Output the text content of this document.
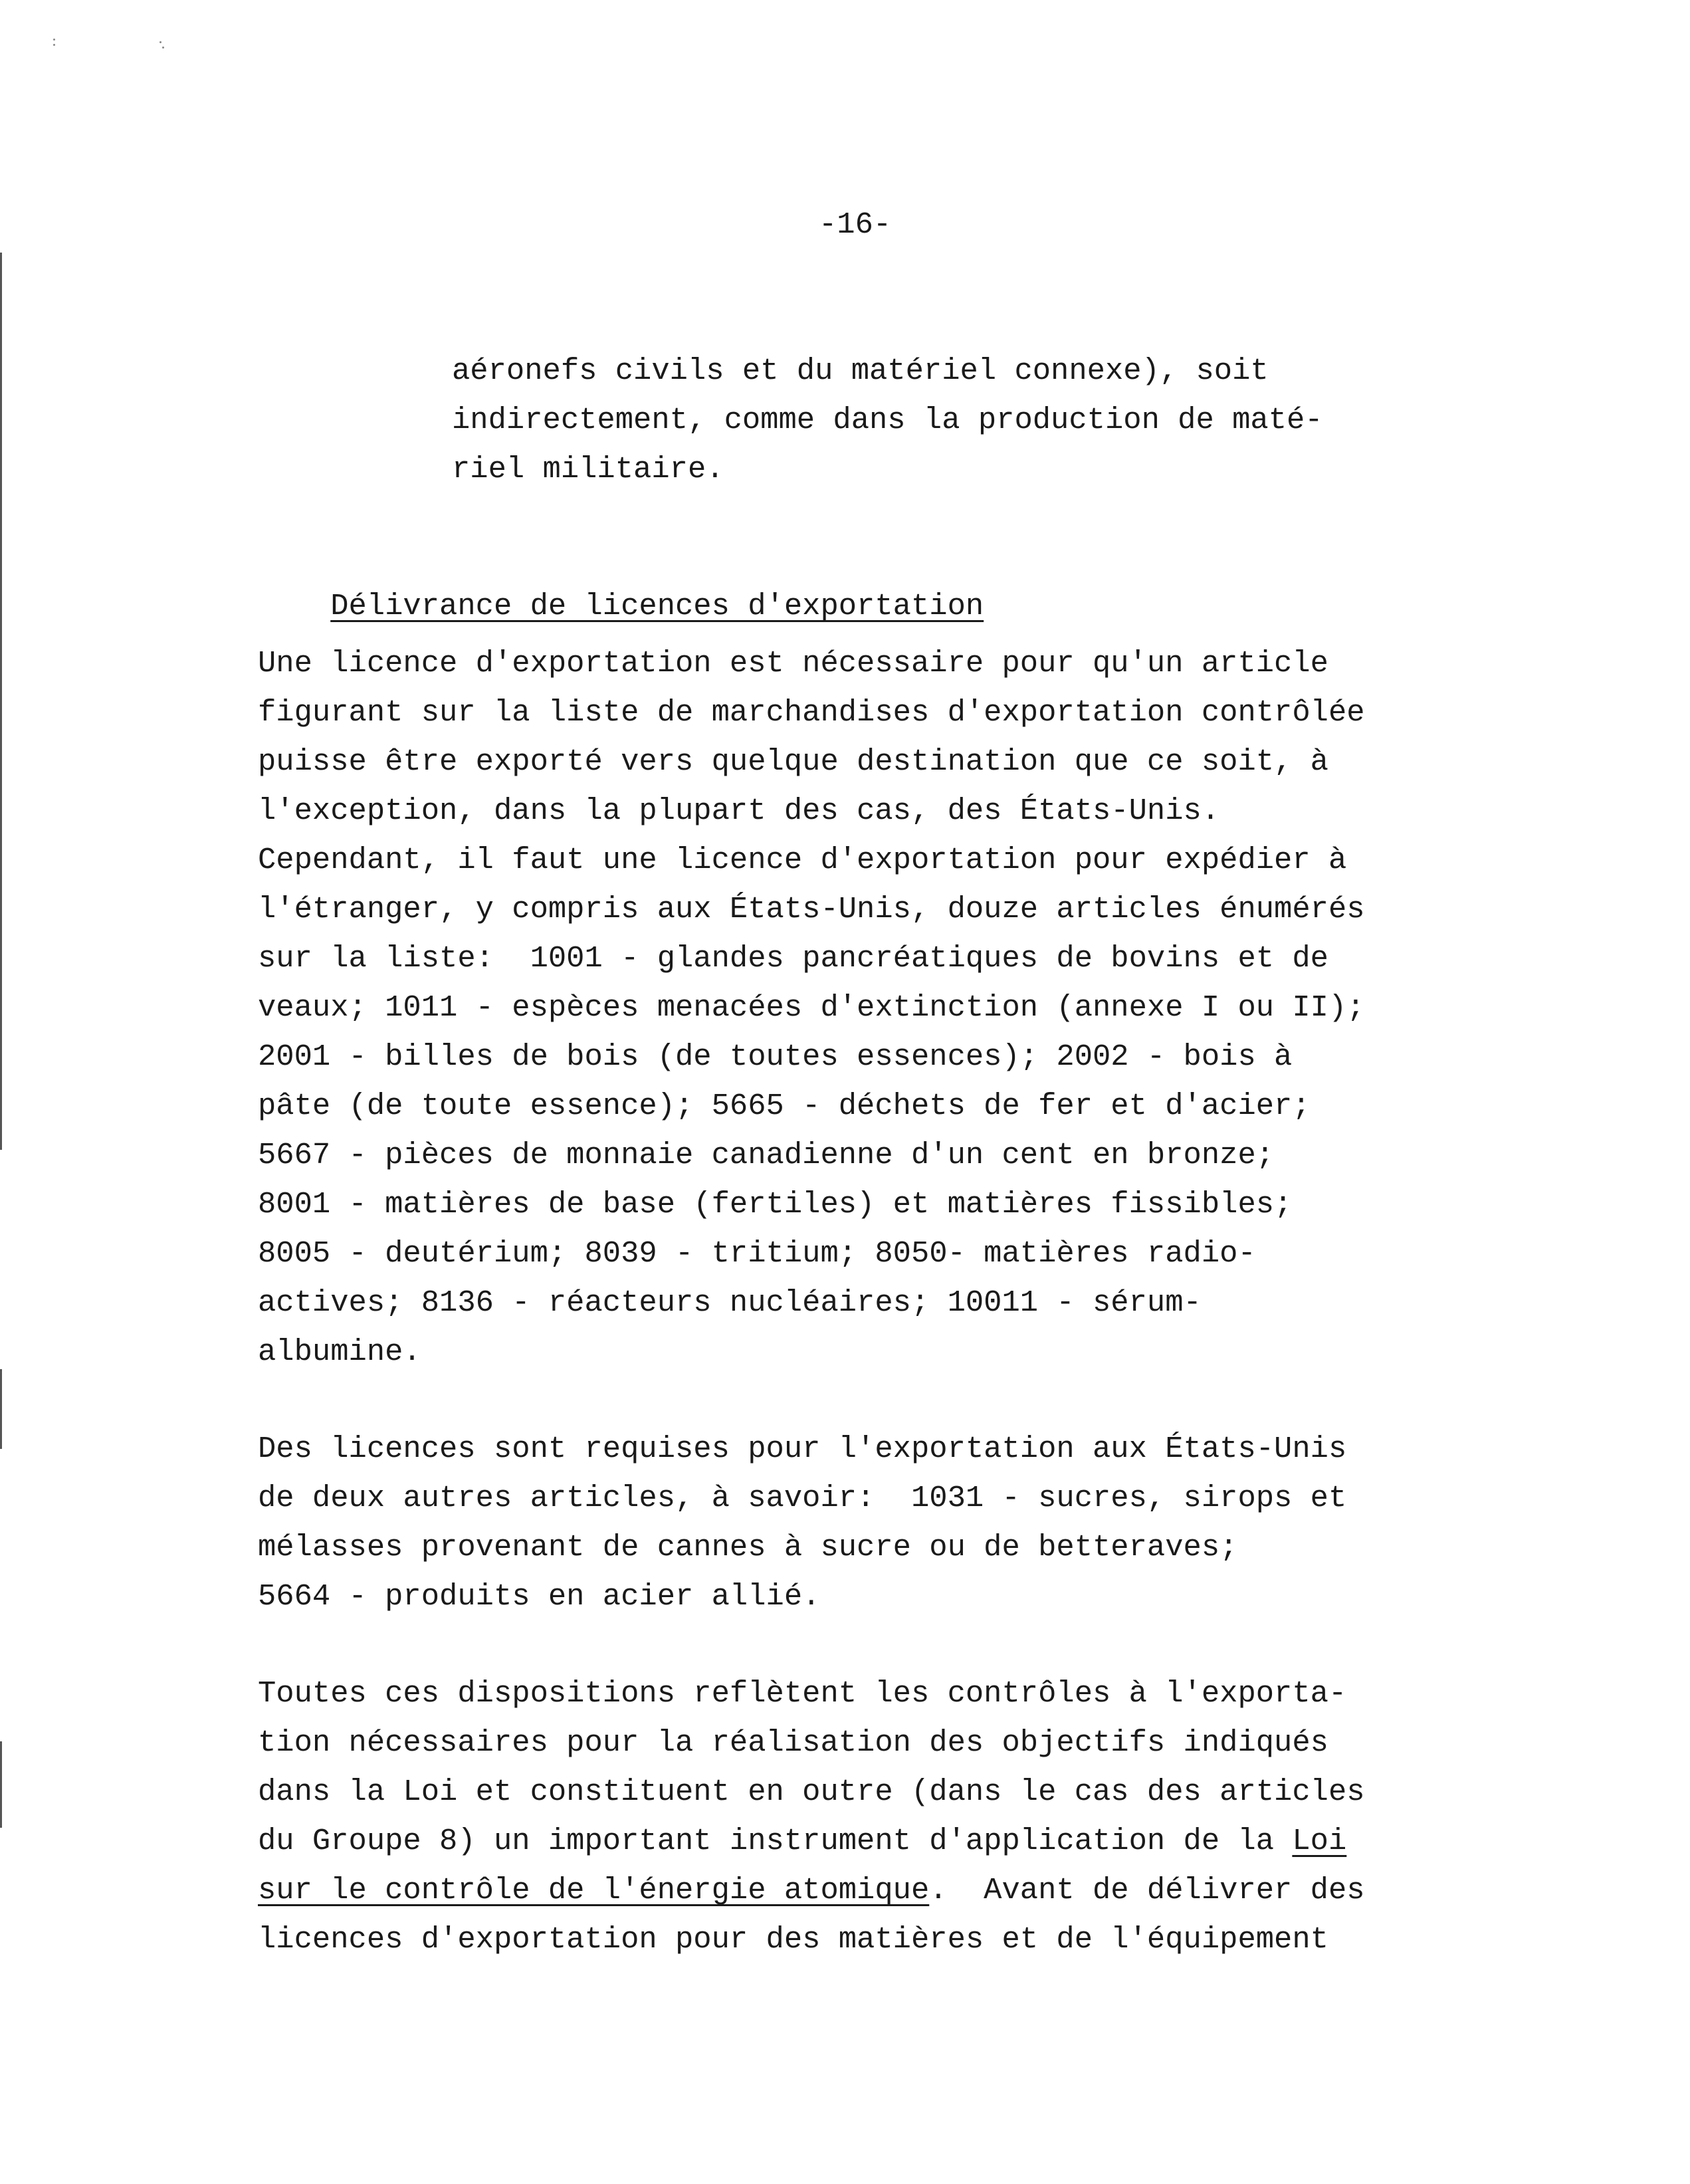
-16-
aéronefs civils et du matériel connexe), soit
indirectement, comme dans la production de maté-
riel militaire.

Délivrance de licences d'exportation

Une licence d'exportation est nécessaire pour qu'un article
figurant sur la liste de marchandises d'exportation contrôlée
puisse être exporté vers quelque destination que ce soit, à
l'exception, dans la plupart des cas, des États-Unis.
Cependant, il faut une licence d'exportation pour expédier à
l'étranger, y compris aux États-Unis, douze articles énumérés
sur la liste:  1001 - glandes pancréatiques de bovins et de
veaux; 1011 - espèces menacées d'extinction (annexe I ou II);
2001 - billes de bois (de toutes essences); 2002 - bois à
pâte (de toute essence); 5665 - déchets de fer et d'acier;
5667 - pièces de monnaie canadienne d'un cent en bronze;
8001 - matières de base (fertiles) et matières fissibles;
8005 - deutérium; 8039 - tritium; 8050- matières radio-
actives; 8136 - réacteurs nucléaires; 10011 - sérum-
albumine.
Des licences sont requises pour l'exportation aux États-Unis
de deux autres articles, à savoir:  1031 - sucres, sirops et
mélasses provenant de cannes à sucre ou de betteraves;
5664 - produits en acier allié.
Toutes ces dispositions reflètent les contrôles à l'exporta-
tion nécessaires pour la réalisation des objectifs indiqués
dans la Loi et constituent en outre (dans le cas des articles
du Groupe 8) un important instrument d'application de la Loi
sur le contrôle de l'énergie atomique.  Avant de délivrer des
licences d'exportation pour des matières et de l'équipement
